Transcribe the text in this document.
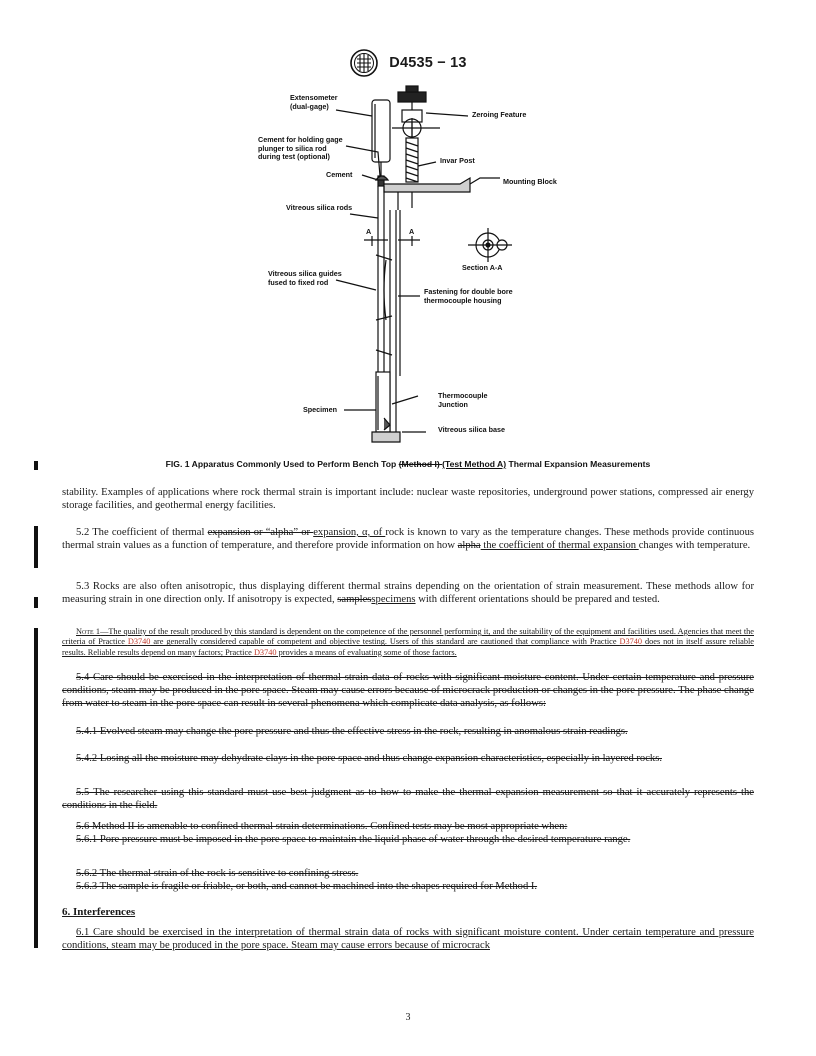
D4535 − 13
Extensometer
(dual-gage)
Zeroing Feature
Cement for holding gage
plunger to silica rod
during test (optional)	Invar Post
Cement
Mounting Block
Vitreous silica rods
A	A
Section A-A
Vitreous silica guides
fused to fixed rod
Fastening for double bore
thermocouple housing
Specimen
Thermocouple
Junction
Vitreous silica base
FIG. 1 Apparatus Commonly Used to Perform Bench Top (Method I) (Test Method A) Thermal Expansion Measurements

stability. Examples of applications where rock thermal strain is important include: nuclear waste repositories, underground power stations, compressed air energy storage facilities, and geothermal energy facilities.

5.2 The coefficient of thermal expansion or “alpha” or expansion, α, of rock is known to vary as the temperature changes. These methods provide continuous thermal strain values as a function of temperature, and therefore provide information on how alpha the coefficient of thermal expansion changes with temperature.

5.3 Rocks are also often anisotropic, thus displaying different thermal strains depending on the orientation of strain measurement. These methods allow for measuring strain in one direction only. If anisotropy is expected, samplesspecimens with different orientations should be prepared and tested.

Note 1—The quality of the result produced by this standard is dependent on the competence of the personnel performing it, and the suitability of the equipment and facilities used. Agencies that meet the criteria of Practice D3740 are generally considered capable of competent and objective testing. Users of this standard are cautioned that compliance with Practice D3740 does not in itself assure reliable results. Reliable results depend on many factors; Practice D3740 provides a means of evaluating some of those factors.

5.4 Care should be exercised in the interpretation of thermal strain data of rocks with significant moisture content. Under certain temperature and pressure conditions, steam may be produced in the pore space. Steam may cause errors because of microcrack production or changes in the pore pressure. The phase change from water to steam in the pore space can result in several phenomena which complicate data analysis, as follows:

5.4.1 Evolved steam may change the pore pressure and thus the effective stress in the rock, resulting in anomalous strain readings.

5.4.2 Losing all the moisture may dehydrate clays in the pore space and thus change expansion characteristics, especially in layered rocks.

5.5 The researcher using this standard must use best judgment as to how to make the thermal expansion measurement so that it accurately represents the conditions in the field.

5.6 Method II is amenable to confined thermal strain determinations. Confined tests may be most appropriate when:

5.6.1 Pore pressure must be imposed in the pore space to maintain the liquid phase of water through the desired temperature range.

5.6.2 The thermal strain of the rock is sensitive to confining stress.

5.6.3 The sample is fragile or friable, or both, and cannot be machined into the shapes required for Method I.

6. Interferences

6.1 Care should be exercised in the interpretation of thermal strain data of rocks with significant moisture content. Under certain temperature and pressure conditions, steam may be produced in the pore space. Steam may cause errors because of microcrack

3
